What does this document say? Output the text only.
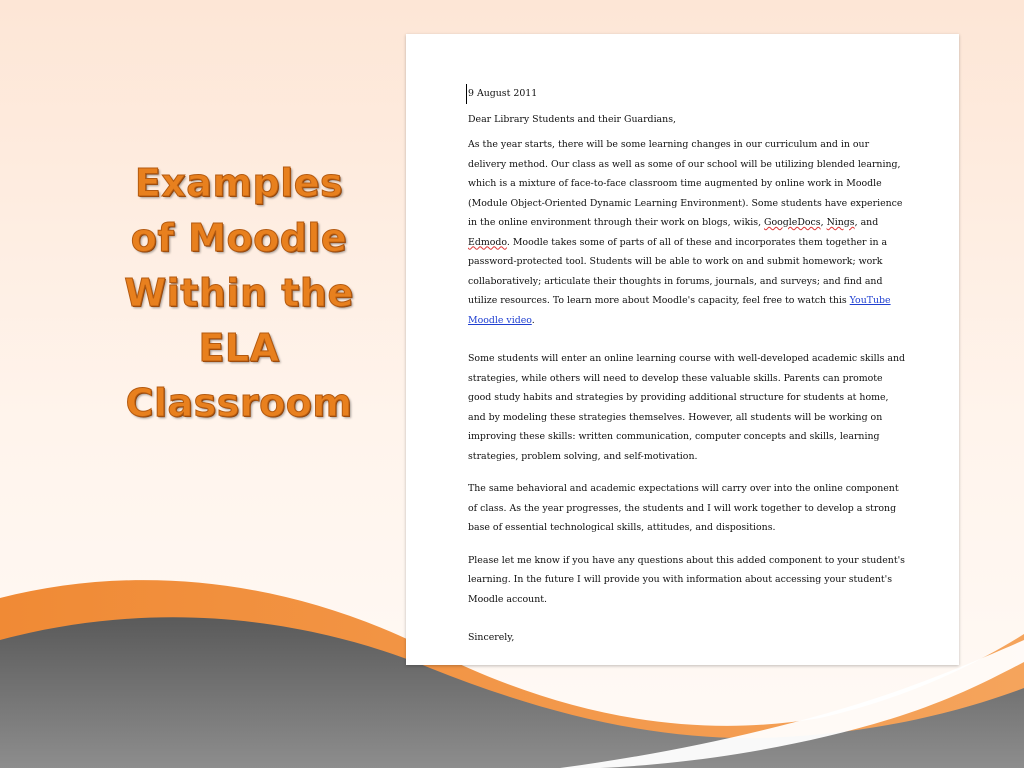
Examples
of Moodle
Within the
ELA
Classroom

9 August 2011

Dear Library Students and their Guardians,

As the year starts, there will be some learning changes in our curriculum and in our delivery method. Our class as well as some of our school will be utilizing blended learning, which is a mixture of face-to-face classroom time augmented by online work in Moodle (Module Object-Oriented Dynamic Learning Environment). Some students have experience in the online environment through their work on blogs, wikis, GoogleDocs, Nings, and Edmodo. Moodle takes some of parts of all of these and incorporates them together in a password-protected tool. Students will be able to work on and submit homework; work collaboratively; articulate their thoughts in forums, journals, and surveys; and find and utilize resources. To learn more about Moodle's capacity, feel free to watch this YouTube Moodle video.

Some students will enter an online learning course with well-developed academic skills and strategies, while others will need to develop these valuable skills. Parents can promote good study habits and strategies by providing additional structure for students at home, and by modeling these strategies themselves. However, all students will be working on improving these skills: written communication, computer concepts and skills, learning strategies, problem solving, and self-motivation.

The same behavioral and academic expectations will carry over into the online component of class. As the year progresses, the students and I will work together to develop a strong base of essential technological skills, attitudes, and dispositions.

Please let me know if you have any questions about this added component to your student's learning. In the future I will provide you with information about accessing your student's Moodle account.

Sincerely,
